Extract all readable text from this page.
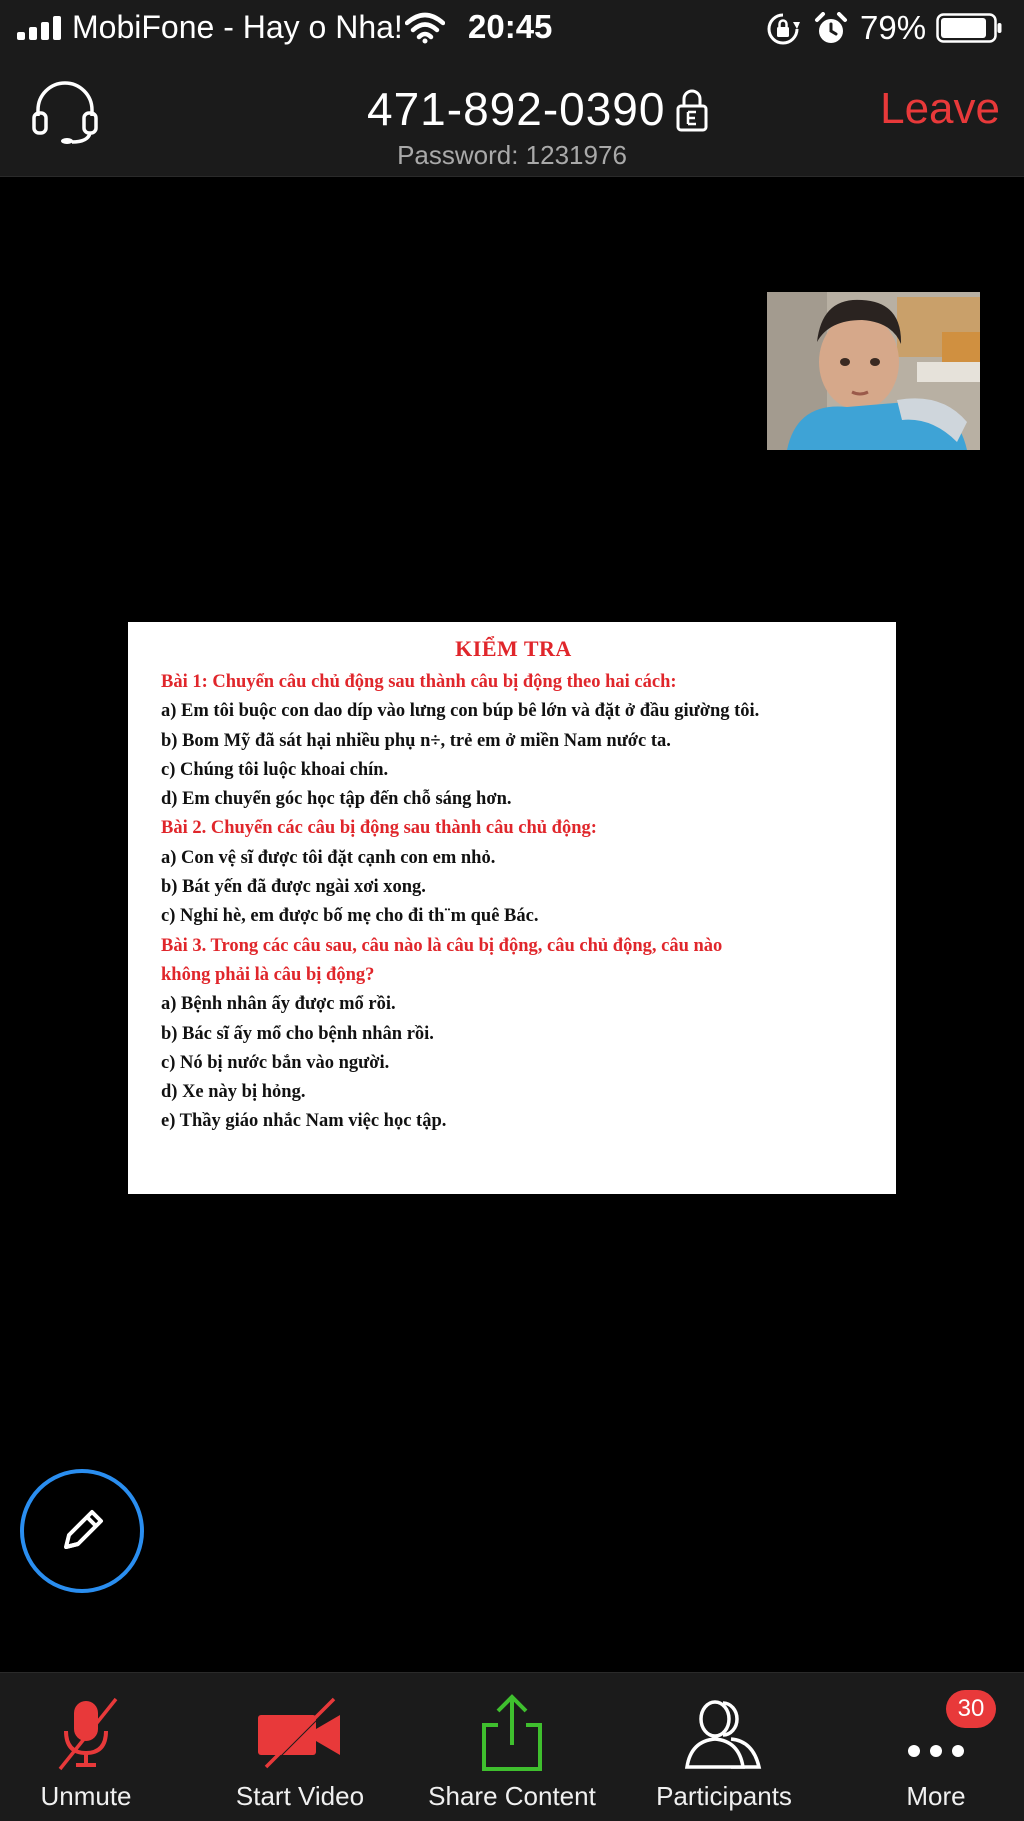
MobiFone - Hay o Nha! 20:45	79%
471-892-0390
Password: 1231976
Leave
KIỂM TRA
Bài 1: Chuyển câu chủ động sau thành câu bị động theo hai cách:
a) Em tôi buộc con dao díp vào lưng con búp bê lớn và đặt ở đầu giường tôi.
b) Bom Mỹ đã sát hại nhiều phụ n÷, trẻ em ở miền Nam nước ta.
c) Chúng tôi luộc khoai chín.
d) Em chuyển góc học tập đến chỗ sáng hơn.
Bài 2. Chuyển các câu bị động sau thành câu chủ động:
a) Con vệ sĩ được tôi đặt cạnh con em nhỏ.
b) Bát yến đã được ngài xơi xong.
c) Nghỉ hè, em được bố mẹ cho đi th¨m quê Bác.
Bài 3. Trong các câu sau, câu nào là câu bị động, câu chủ động, câu nào
không phải là câu bị động?
a) Bệnh nhân ấy được mổ rồi.
b) Bác sĩ ấy mổ cho bệnh nhân rồi.
c) Nó bị nước bắn vào người.
d) Xe này bị hỏng.
e) Thầy giáo nhắc Nam việc học tập.
Unmute	Start Video	Share Content	Participants	More
30
